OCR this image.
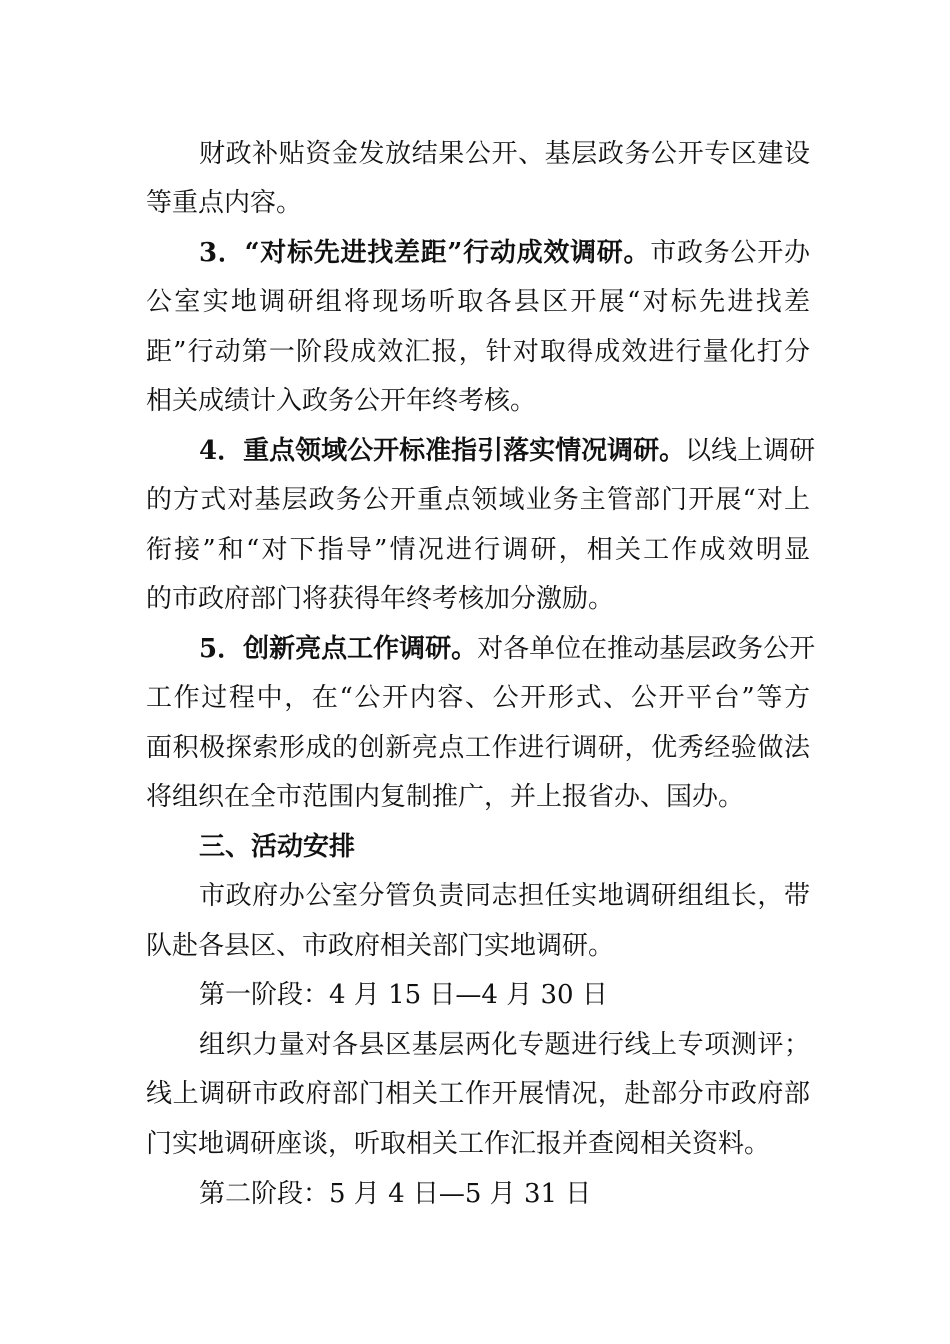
财政补贴资金发放结果公开、基层政务公开专区建设
等重点内容。
3．“对标先进找差距”行动成效调研。市政务公开办
公室实地调研组将现场听取各县区开展“对标先进找差
距”行动第一阶段成效汇报，针对取得成效进行量化打分
相关成绩计入政务公开年终考核。
4．重点领域公开标准指引落实情况调研。以线上调研
的方式对基层政务公开重点领域业务主管部门开展“对上
衔接”和“对下指导”情况进行调研，相关工作成效明显
的市政府部门将获得年终考核加分激励。
5．创新亮点工作调研。对各单位在推动基层政务公开
工作过程中，在“公开内容、公开形式、公开平台”等方
面积极探索形成的创新亮点工作进行调研，优秀经验做法
将组织在全市范围内复制推广，并上报省办、国办。
三、活动安排
市政府办公室分管负责同志担任实地调研组组长，带
队赴各县区、市政府相关部门实地调研。
第一阶段：4 月 15 日—4 月 30 日
组织力量对各县区基层两化专题进行线上专项测评；
线上调研市政府部门相关工作开展情况，赴部分市政府部
门实地调研座谈，听取相关工作汇报并查阅相关资料。
第二阶段：5 月 4 日—5 月 31 日
